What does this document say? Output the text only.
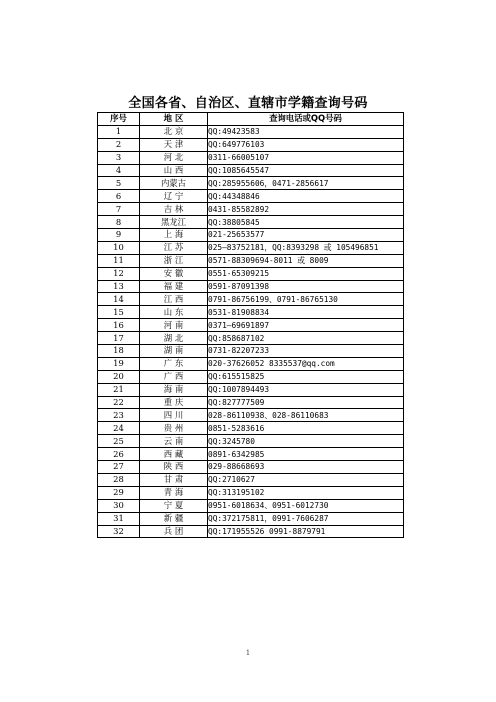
全国各省、自治区、直辖市学籍查询号码
序号	地 区	查询电话或QQ号码
1	北 京	QQ:49423583
2	天 津	QQ:649776103
3	河 北	0311-66005107
4	山 西	QQ:1085645547
5	内蒙古	QQ:285955606，0471-2856617
6	辽 宁	QQ:44348846
7	吉 林	0431-85582892
8	黑龙江	QQ:38805845
9	上 海	021-25653577
10	江 苏	025—83752181，QQ:8393298 或 105496851
11	浙 江	0571-88309694-8011 或 8009
12	安 徽	0551-65309215
13	福 建	0591-87091398
14	江 西	0791-86756199、0791-86765130
15	山 东	0531-81908834
16	河 南	0371—69691897
17	湖 北	QQ:858687102
18	湖 南	0731-82207233
19	广 东	020-37626052 8335537@qq.com
20	广 西	QQ:615515825
21	海 南	QQ:1007894493
22	重 庆	QQ:827777509
23	四 川	028-86110938、028-86110683
24	贵 州	0851-5283616
25	云 南	QQ:3245780
26	西 藏	0891-6342985
27	陕 西	029-88668693
28	甘 肃	QQ:2710627
29	青 海	QQ:313195102
30	宁 夏	0951-6018634、0951-6012730
31	新 疆	QQ:372175811，0991-7606287
32	兵 团	QQ:171955526 0991-8879791
1
